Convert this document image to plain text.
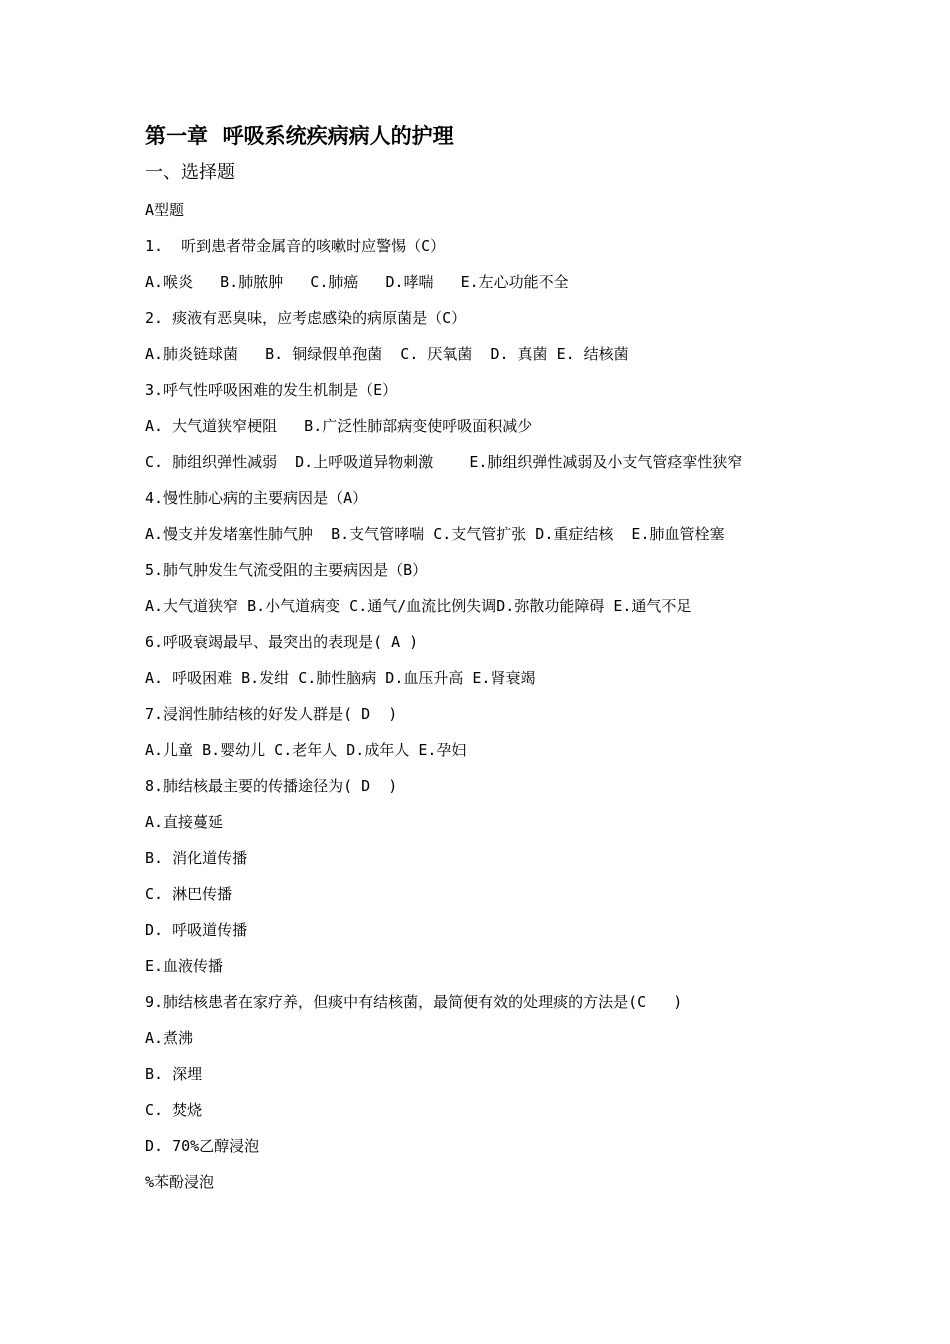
第一章  呼吸系统疾病病人的护理
一、选择题
A型题
1.  听到患者带金属音的咳嗽时应警惕（C）
A.喉炎   B.肺脓肿   C.肺癌   D.哮喘   E.左心功能不全
2. 痰液有恶臭味，应考虑感染的病原菌是（C）
A.肺炎链球菌   B. 铜绿假单孢菌  C. 厌氧菌  D. 真菌 E. 结核菌
3.呼气性呼吸困难的发生机制是（E）
A. 大气道狭窄梗阻   B.广泛性肺部病变使呼吸面积减少
C. 肺组织弹性减弱  D.上呼吸道异物刺激    E.肺组织弹性减弱及小支气管痉挛性狭窄
4.慢性肺心病的主要病因是（A）
A.慢支并发堵塞性肺气肿  B.支气管哮喘 C.支气管扩张 D.重症结核  E.肺血管栓塞
5.肺气肿发生气流受阻的主要病因是（B）
A.大气道狭窄 B.小气道病变 C.通气/血流比例失调D.弥散功能障碍 E.通气不足
6.呼吸衰竭最早、最突出的表现是( A )
A. 呼吸困难 B.发绀 C.肺性脑病 D.血压升高 E.肾衰竭
7.浸润性肺结核的好发人群是( D  )
A.儿童 B.婴幼儿 C.老年人 D.成年人 E.孕妇
8.肺结核最主要的传播途径为( D  )
A.直接蔓延
B. 消化道传播
C. 淋巴传播
D. 呼吸道传播
E.血液传播
9.肺结核患者在家疗养，但痰中有结核菌，最简便有效的处理痰的方法是(C   )
A.煮沸
B. 深埋
C. 焚烧
D. 70%乙醇浸泡
%苯酚浸泡
